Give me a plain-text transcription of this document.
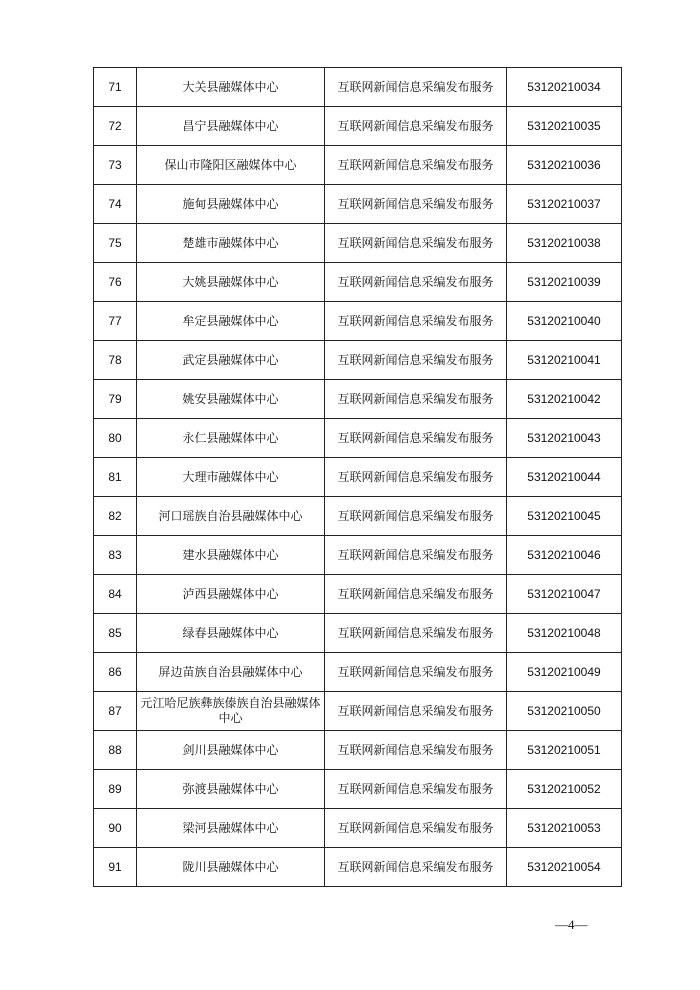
71	大关县融媒体中心	互联网新闻信息采编发布服务	53120210034
72	昌宁县融媒体中心	互联网新闻信息采编发布服务	53120210035
73	保山市隆阳区融媒体中心	互联网新闻信息采编发布服务	53120210036
74	施甸县融媒体中心	互联网新闻信息采编发布服务	53120210037
75	楚雄市融媒体中心	互联网新闻信息采编发布服务	53120210038
76	大姚县融媒体中心	互联网新闻信息采编发布服务	53120210039
77	牟定县融媒体中心	互联网新闻信息采编发布服务	53120210040
78	武定县融媒体中心	互联网新闻信息采编发布服务	53120210041
79	姚安县融媒体中心	互联网新闻信息采编发布服务	53120210042
80	永仁县融媒体中心	互联网新闻信息采编发布服务	53120210043
81	大理市融媒体中心	互联网新闻信息采编发布服务	53120210044
82	河口瑶族自治县融媒体中心	互联网新闻信息采编发布服务	53120210045
83	建水县融媒体中心	互联网新闻信息采编发布服务	53120210046
84	泸西县融媒体中心	互联网新闻信息采编发布服务	53120210047
85	绿春县融媒体中心	互联网新闻信息采编发布服务	53120210048
86	屏边苗族自治县融媒体中心	互联网新闻信息采编发布服务	53120210049
87	元江哈尼族彝族傣族自治县融媒体中心	互联网新闻信息采编发布服务	53120210050
88	剑川县融媒体中心	互联网新闻信息采编发布服务	53120210051
89	弥渡县融媒体中心	互联网新闻信息采编发布服务	53120210052
90	梁河县融媒体中心	互联网新闻信息采编发布服务	53120210053
91	陇川县融媒体中心	互联网新闻信息采编发布服务	53120210054
—4—
